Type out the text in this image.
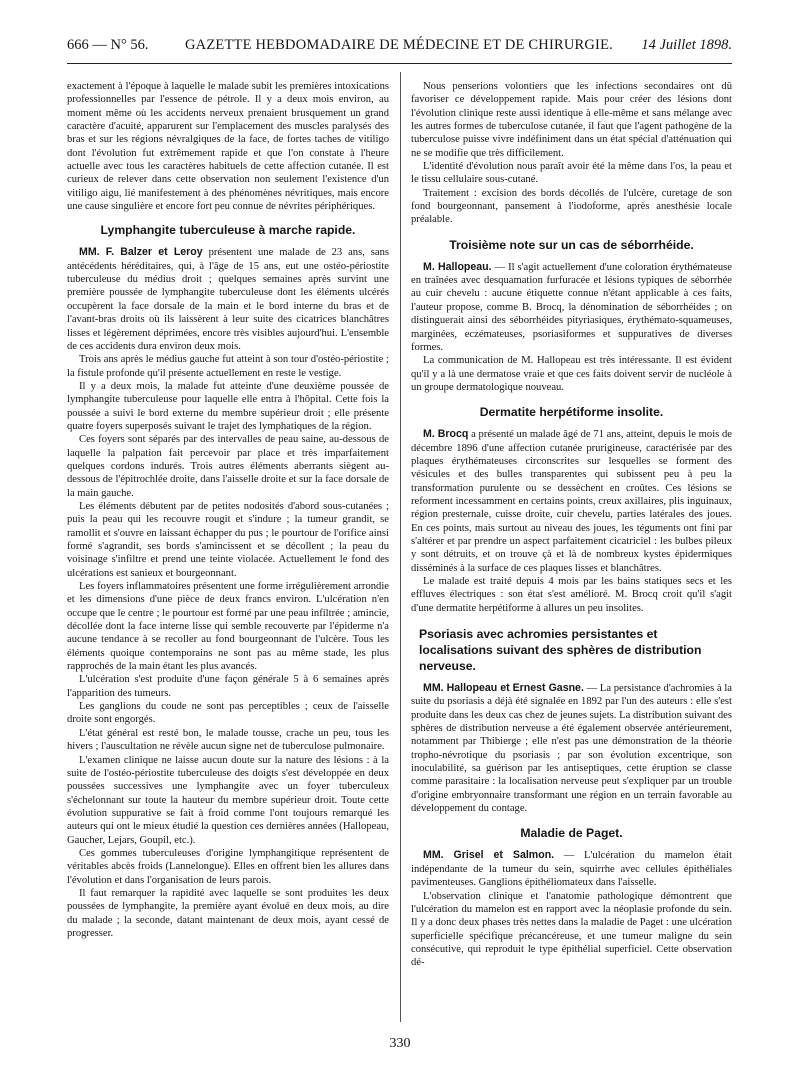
666 — N° 56.	GAZETTE HEBDOMADAIRE DE MÉDECINE ET DE CHIRURGIE. 14 Juillet 1898.

exactement à l'époque à laquelle le malade subit les premières intoxications professionnelles par l'essence de pétrole. Il y a deux mois environ, au moment même où les accidents nerveux prenaient brusquement un grand caractère d'acuité, apparurent sur l'emplacement des muscles paralysés des bras et sur les régions névralgiques de la face, de fortes taches de vitiligo dont l'évolution fut extrêmement rapide et que l'on constate à l'heure actuelle avec tous les caractères habituels de cette affection cutanée. Il est curieux de relever dans cette observation non seulement l'existence d'un vitiligo aigu, lié manifestement à des phénomènes névritiques, mais encore une cause singulière et encore fort peu connue de névrites périphériques.

Lymphangite tuberculeuse à marche rapide.

MM. F. Balzer et Leroy présentent une malade de 23 ans, sans antécédents héréditaires, qui, à l'âge de 15 ans, eut une ostéo-périostite tuberculeuse du médius droit ; quelques semaines après survint une première poussée de lymphangite tuberculeuse dont les éléments ulcérés occupèrent la face dorsale de la main et le bord interne du bras et de l'avant-bras droits où ils laissèrent à leur suite des cicatrices blanchâtres lisses et légèrement déprimées, encore très visibles aujourd'hui. L'ensemble de ces accidents dura environ deux mois.

Trois ans après le médius gauche fut atteint à son tour d'ostéo-périostite ; la fistule profonde qu'il présente actuellement en reste le vestige.

Il y a deux mois, la malade fut atteinte d'une deuxième poussée de lymphangite tuberculeuse pour laquelle elle entra à l'hôpital. Cette fois la poussée a suivi le bord externe du membre supérieur droit ; elle présente quatre foyers superposés suivant le trajet des lymphatiques de la région.

Ces foyers sont séparés par des intervalles de peau saine, au-dessous de laquelle la palpation fait percevoir par place et très imparfaitement quelques cordons indurés. Trois autres éléments aberrants siègent au-dessous de l'épitrochlée droite, dans l'aisselle droite et sur la face dorsale de la main gauche.

Les éléments débutent par de petites nodosités d'abord sous-cutanées ; puis la peau qui les recouvre rougit et s'indure ; la tumeur grandit, se ramollit et s'ouvre en laissant échapper du pus ; le pourtour de l'orifice ainsi formé s'agrandit, ses bords s'amincissent et se décollent ; la peau du voisinage s'infiltre et prend une teinte violacée. Actuellement le fond des ulcérations est sanieux et bourgeonnant.

Les foyers inflammatoires présentent une forme irrégulièrement arrondie et les dimensions d'une pièce de deux francs environ. L'ulcération n'en occupe que le centre ; le pourtour est formé par une peau infiltrée ; amincie, décollée dont la face interne lisse qui semble recouverte par l'épiderme n'a aucune tendance à se recoller au fond bourgeonnant de l'ulcère. Tous les éléments quoique contemporains ne sont pas au même stade, les plus rapprochés de la main étant les plus avancés.

L'ulcération s'est produite d'une façon générale 5 à 6 semaines après l'apparition des tumeurs.

Les ganglions du coude ne sont pas perceptibles ; ceux de l'aisselle droite sont engorgés.

L'état général est resté bon, le malade tousse, crache un peu, tous les hivers ; l'auscultation ne révèle aucun signe net de tuberculose pulmonaire.

L'examen clinique ne laisse aucun doute sur la nature des lésions : à la suite de l'ostéo-périostite tuberculeuse des doigts s'est développée en deux poussées successives une lymphangite avec un foyer tuberculeux s'échelonnant sur toute la hauteur du membre supérieur droit. Toute cette évolution suppurative se fait à froid comme l'ont toujours remarqué les auteurs qui ont le mieux étudié la question ces dernières années (Hallopeau, Gaucher, Lejars, Goupil, etc.).

Ces gommes tuberculeuses d'origine lymphangitique représentent de véritables abcès froids (Lannelongue). Elles en offrent bien les allures dans l'évolution et dans l'organisation de leurs parois.

Il faut remarquer la rapidité avec laquelle se sont produites les deux poussées de lymphangite, la première ayant évolué en deux mois, au dire du malade ; la seconde, datant maintenant de deux mois, ayant cessé de progresser.

Nous penserions volontiers que les infections secondaires ont dû favoriser ce développement rapide. Mais pour créer des lésions dont l'évolution clinique reste aussi identique à elle-même et sans mélange avec les autres formes de tuberculose cutanée, il faut que l'agent pathogène de la tuberculose puisse vivre indéfiniment dans un état spécial d'atténuation qui ne se modifie que très difficilement.

L'identité d'évolution nous paraît avoir été la même dans l'os, la peau et le tissu cellulaire sous-cutané.

Traitement : excision des bords décollés de l'ulcère, curetage de son fond bourgeonnant, pansement à l'iodoforme, après anesthésie locale préalable.

Troisième note sur un cas de séborrhéide.

M. Hallopeau. — Il s'agit actuellement d'une coloration érythémateuse en traînées avec desquamation furfuracée et lésions typiques de séborrhée au cuir chevelu : aucune étiquette connue n'étant applicable à ces faits, l'auteur propose, comme B. Brocq, la dénomination de séborrhéides ; on distinguerait ainsi des séborrhéides pityriasiques, érythémato-squameuses, marginées, eczémateuses, psoriasiformes et suppuratives de diverses formes.

La communication de M. Hallopeau est très intéressante. Il est évident qu'il y a là une dermatose vraie et que ces faits doivent servir de nucléole à un groupe dermatologique nouveau.

Dermatite herpétiforme insolite.

M. Brocq a présenté un malade âgé de 71 ans, atteint, depuis le mois de décembre 1896 d'une affection cutanée prurigineuse, caractérisée par des plaques érythémateuses circonscrites sur lesquelles se forment des vésicules et des bulles transparentes qui subissent peu à peu la transformation purulente ou se dessèchent en croûtes. Ces lésions se reforment incessamment en certains points, creux axillaires, plis inguinaux, région presternale, cuisse droite, cuir chevelu, parties latérales des joues. En ces points, mais surtout au niveau des joues, les téguments ont fini par s'altérer et par prendre un aspect parfaitement cicatriciel : les bulbes pileux y sont détruits, et on trouve çà et là de nombreux kystes épidermiques disséminés à la surface de ces plaques lisses et blanchâtres.

Le malade est traité depuis 4 mois par les bains statiques secs et les effluves électriques : son état s'est amélioré. M. Brocq croit qu'il s'agit d'une dermatite herpétiforme à allures un peu insolites.

Psoriasis avec achromies persistantes et localisations suivant des sphères de distribution nerveuse.

MM. Hallopeau et Ernest Gasne. — La persistance d'achromies à la suite du psoriasis a déjà été signalée en 1892 par l'un des auteurs : elle s'est produite dans les deux cas chez de jeunes sujets. La distribution suivant des sphères de distribution nerveuse a été également observée antérieurement, notamment par Thibierge ; elle n'est pas une démonstration de la théorie tropho-névrotique du psoriasis ; par son évolution excentrique, son inoculabilité, sa guérison par les antiseptiques, cette éruption se classe comme parasitaire : la localisation nerveuse peut s'expliquer par un trouble d'origine embryonnaire transformant une région en un terrain favorable au développement du contage.

Maladie de Paget.

MM. Grisel et Salmon. — L'ulcération du mamelon était indépendante de la tumeur du sein, squirrhe avec cellules épithéliales pavimenteuses. Ganglions épithéliomateux dans l'aisselle.

L'observation clinique et l'anatomie pathologique démontrent que l'ulcération du mamelon est en rapport avec la néoplasie profonde du sein. Il y a donc deux phases très nettes dans la maladie de Paget : une ulcération superficielle spécifique précancéreuse, et une tumeur maligne du sein consécutive, qui reproduit le type épithélial superficiel. Cette observation dé-

330
